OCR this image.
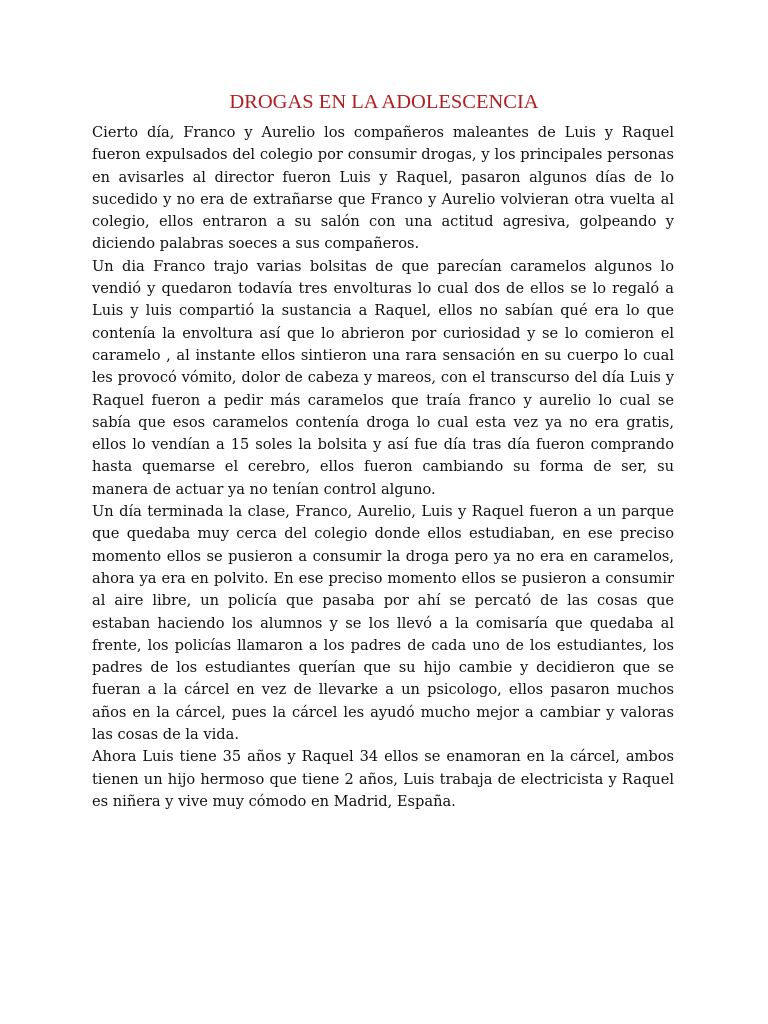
DROGAS EN LA ADOLESCENCIA

Cierto día, Franco y Aurelio los compañeros maleantes de Luis y Raquel fueron expulsados del colegio por consumir drogas, y los principales personas en avisarles al director fueron Luis y Raquel, pasaron algunos días de lo sucedido y no era de extrañarse que Franco y Aurelio volvieran otra vuelta al colegio, ellos entraron a su salón con una actitud agresiva, golpeando y diciendo palabras soeces a sus compañeros.

Un dia Franco trajo varias bolsitas de que parecían caramelos algunos lo vendió y quedaron todavía tres envolturas lo cual dos de ellos se lo regaló a Luis y luis compartió la sustancia a Raquel, ellos no sabían qué era lo que contenía la envoltura así que lo abrieron por curiosidad y se lo comieron el caramelo , al instante ellos sintieron una rara sensación en su cuerpo lo cual les provocó vómito, dolor de cabeza y mareos, con el transcurso del día Luis y Raquel fueron a pedir más caramelos que traía franco y aurelio lo cual se sabía que esos caramelos contenía droga lo cual esta vez ya no era gratis, ellos lo vendían a 15 soles la bolsita y así fue día tras día fueron comprando hasta quemarse el cerebro, ellos fueron cambiando su forma de ser, su manera de actuar ya no tenían control alguno.

Un día terminada la clase, Franco, Aurelio, Luis y Raquel fueron a un parque que quedaba muy cerca del colegio donde ellos estudiaban, en ese preciso momento ellos se pusieron a consumir la droga pero ya no era en caramelos, ahora ya era en polvito. En ese preciso momento ellos se pusieron a consumir al aire libre, un policía que pasaba por ahí se percató de las cosas que estaban haciendo los alumnos y se los llevó a la comisaría que quedaba al frente, los policías llamaron a los padres de cada uno de los estudiantes, los padres de los estudiantes querían que su hijo cambie y decidieron que se fueran a la cárcel en vez de llevarke a un psicologo, ellos pasaron muchos años en la cárcel, pues la cárcel les ayudó mucho mejor a cambiar y valoras las cosas de la vida.

Ahora Luis tiene 35 años y Raquel 34 ellos se enamoran en la cárcel, ambos tienen un hijo hermoso que tiene 2 años, Luis trabaja de electricista y Raquel es niñera y vive muy cómodo en Madrid, España.
